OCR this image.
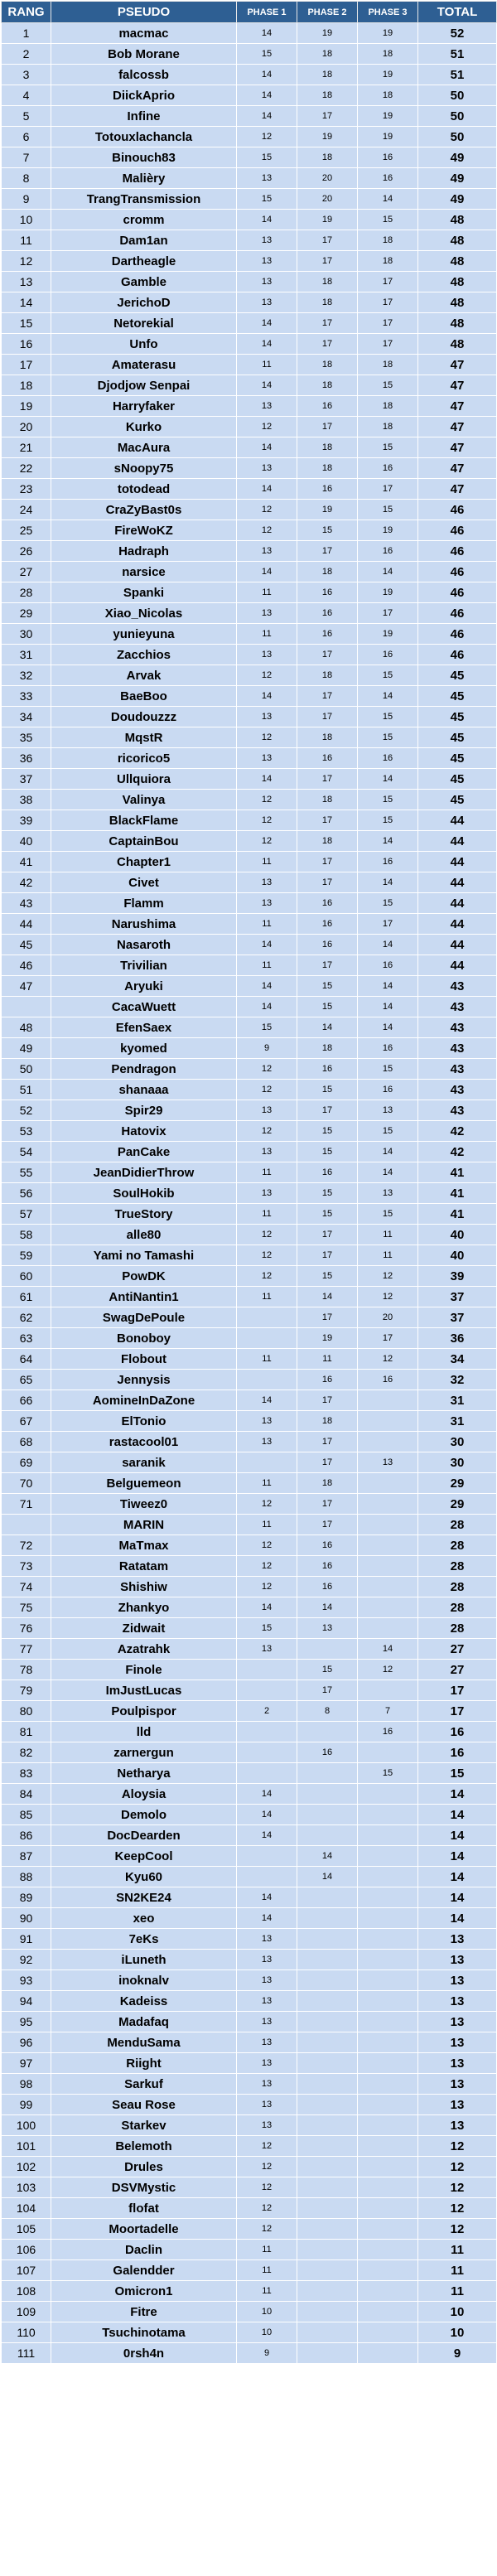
RANG	PSEUDO	PHASE 1	PHASE 2	PHASE 3	TOTAL
1	macmac	14	19	19	52
2	Bob Morane	15	18	18	51
3	falcossb	14	18	19	51
4	DiickAprio	14	18	18	50
5	Infine	14	17	19	50
6	Totouxlachancla	12	19	19	50
7	Binouch83	15	18	16	49
8	Malièry	13	20	16	49
9	TrangTransmission	15	20	14	49
10	cromm	14	19	15	48
11	Dam1an	13	17	18	48
12	Dartheagle	13	17	18	48
13	Gamble	13	18	17	48
14	JerichoD	13	18	17	48
15	Netorekial	14	17	17	48
16	Unfo	14	17	17	48
17	Amaterasu	11	18	18	47
18	Djodjow Senpai	14	18	15	47
19	Harryfaker	13	16	18	47
20	Kurko	12	17	18	47
21	MacAura	14	18	15	47
22	sNoopy75	13	18	16	47
23	totodead	14	16	17	47
24	CraZyBast0s	12	19	15	46
25	FireWoKZ	12	15	19	46
26	Hadraph	13	17	16	46
27	narsice	14	18	14	46
28	Spanki	11	16	19	46
29	Xiao_Nicolas	13	16	17	46
30	yunieyuna	11	16	19	46
31	Zacchios	13	17	16	46
32	Arvak	12	18	15	45
33	BaeBoo	14	17	14	45
34	Doudouzzz	13	17	15	45
35	MqstR	12	18	15	45
36	ricorico5	13	16	16	45
37	Ullquiora	14	17	14	45
38	Valinya	12	18	15	45
39	BlackFlame	12	17	15	44
40	CaptainBou	12	18	14	44
41	Chapter1	11	17	16	44
42	Civet	13	17	14	44
43	Flamm	13	16	15	44
44	Narushima	11	16	17	44
45	Nasaroth	14	16	14	44
46	Trivilian	11	17	16	44
47	Aryuki	14	15	14	43
	CacaWuett	14	15	14	43
48	EfenSaex	15	14	14	43
49	kyomed	9	18	16	43
50	Pendragon	12	16	15	43
51	shanaaa	12	15	16	43
52	Spir29	13	17	13	43
53	Hatovix	12	15	15	42
54	PanCake	13	15	14	42
55	JeanDidierThrow	11	16	14	41
56	SoulHokib	13	15	13	41
57	TrueStory	11	15	15	41
58	alle80	12	17	11	40
59	Yami no Tamashi	12	17	11	40
60	PowDK	12	15	12	39
61	AntiNantin1	11	14	12	37
62	SwagDePoule		17	20	37
63	Bonoboy		19	17	36
64	Flobout	11	11	12	34
65	Jennysis		16	16	32
66	AomineInDaZone	14	17		31
67	ElTonio	13	18		31
68	rastacool01	13	17		30
69	saranik		17	13	30
70	Belguemeon	11	18		29
71	Tiweez0	12	17		29
	MARIN	11	17		28
72	MaTmax	12	16		28
73	Ratatam	12	16		28
74	Shishiw	12	16		28
75	Zhankyo	14	14		28
76	Zidwait	15	13		28
77	Azatrahk	13		14	27
78	Finole		15	12	27
79	ImJustLucas		17		17
80	Poulpispor	2	8	7	17
81	lld			16	16
82	zarnergun		16		16
83	Netharya			15	15
84	Aloysia	14			14
85	Demolo	14			14
86	DocDearden	14			14
87	KeepCool		14		14
88	Kyu60		14		14
89	SN2KE24	14			14
90	xeo	14			14
91	7eKs	13			13
92	iLuneth	13			13
93	inoknalv	13			13
94	Kadeiss	13			13
95	Madafaq	13			13
96	MenduSama	13			13
97	Riight	13			13
98	Sarkuf	13			13
99	Seau Rose	13			13
100	Starkev	13			13
101	Belemoth	12			12
102	Drules	12			12
103	DSVMystic	12			12
104	flofat	12			12
105	Moortadelle	12			12
106	Daclin	11			11
107	Galendder	11			11
108	Omicron1	11			11
109	Fitre	10			10
110	Tsuchinotama	10			10
111	0rsh4n	9			9
